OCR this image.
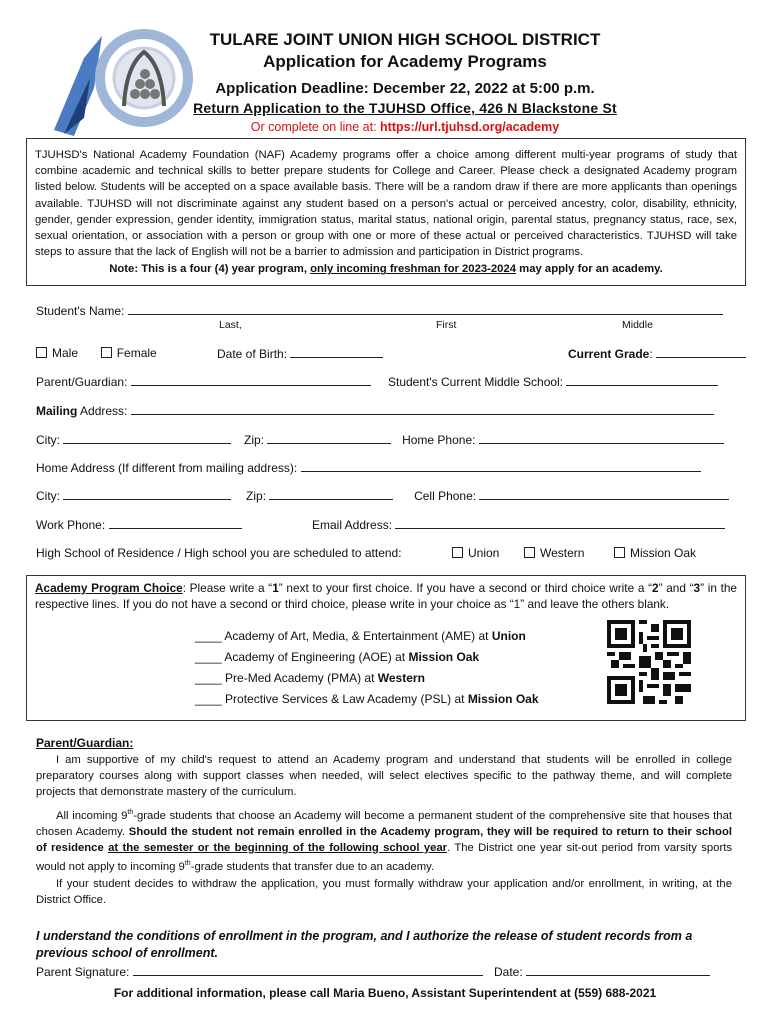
TULARE JOINT UNION HIGH SCHOOL DISTRICT
Application for Academy Programs
Application Deadline: December 22, 2022 at 5:00 p.m.
Return Application to the TJUHSD Office, 426 N Blackstone St
Or complete on line at: https://url.tjuhsd.org/academy
TJUHSD's National Academy Foundation (NAF) Academy programs offer a choice among different multi-year programs of study that combine academic and technical skills to better prepare students for College and Career. Please check a designated Academy program listed below. Students will be accepted on a space available basis. There will be a random draw if there are more applicants than openings available. TJUHSD will not discriminate against any student based on a person's actual or perceived ancestry, color, disability, ethnicity, gender, gender expression, gender identity, immigration status, marital status, national origin, parental status, pregnancy status, race, sex, sexual orientation, or association with a person or group with one or more of these actual or perceived characteristics. TJUHSD will take steps to assure that the lack of English will not be a barrier to admission and participation in District programs.
Note: This is a four (4) year program, only incoming freshman for 2023-2024 may apply for an academy.
Student's Name:
Last,	First	Middle
Male	Female	Date of Birth:	Current Grade:
Parent/Guardian:	Student's Current Middle School:
Mailing Address:
City:	Zip:	Home Phone:
Home Address (If different from mailing address):
City:	Zip:	Cell Phone:
Work Phone:	Email Address:
High School of Residence / High school you are scheduled to attend:	Union	Western	Mission Oak
Academy Program Choice: Please write a “1” next to your first choice. If you have a second or third choice write a “2” and “3” in the respective lines. If you do not have a second or third choice, please write in your choice as “1” and leave the others blank.
____ Academy of Art, Media, & Entertainment (AME) at Union
____ Academy of Engineering (AOE) at Mission Oak
____ Pre-Med Academy (PMA) at Western
____ Protective Services & Law Academy (PSL) at Mission Oak
Parent/Guardian:
I am supportive of my child's request to attend an Academy program and understand that students will be enrolled in college preparatory courses along with support classes when needed, will select electives specific to the pathway theme, and will complete projects that demonstrate mastery of the curriculum.
All incoming 9th-grade students that choose an Academy will become a permanent student of the comprehensive site that houses that chosen Academy. Should the student not remain enrolled in the Academy program, they will be required to return to their school of residence at the semester or the beginning of the following school year. The District one year sit-out period from varsity sports would not apply to incoming 9th-grade students that transfer due to an academy.
If your student decides to withdraw the application, you must formally withdraw your application and/or enrollment, in writing, at the District Office.
I understand the conditions of enrollment in the program, and I authorize the release of student records from a previous school of enrollment.
Parent Signature:	Date:
For additional information, please call Maria Bueno, Assistant Superintendent at (559) 688-2021
